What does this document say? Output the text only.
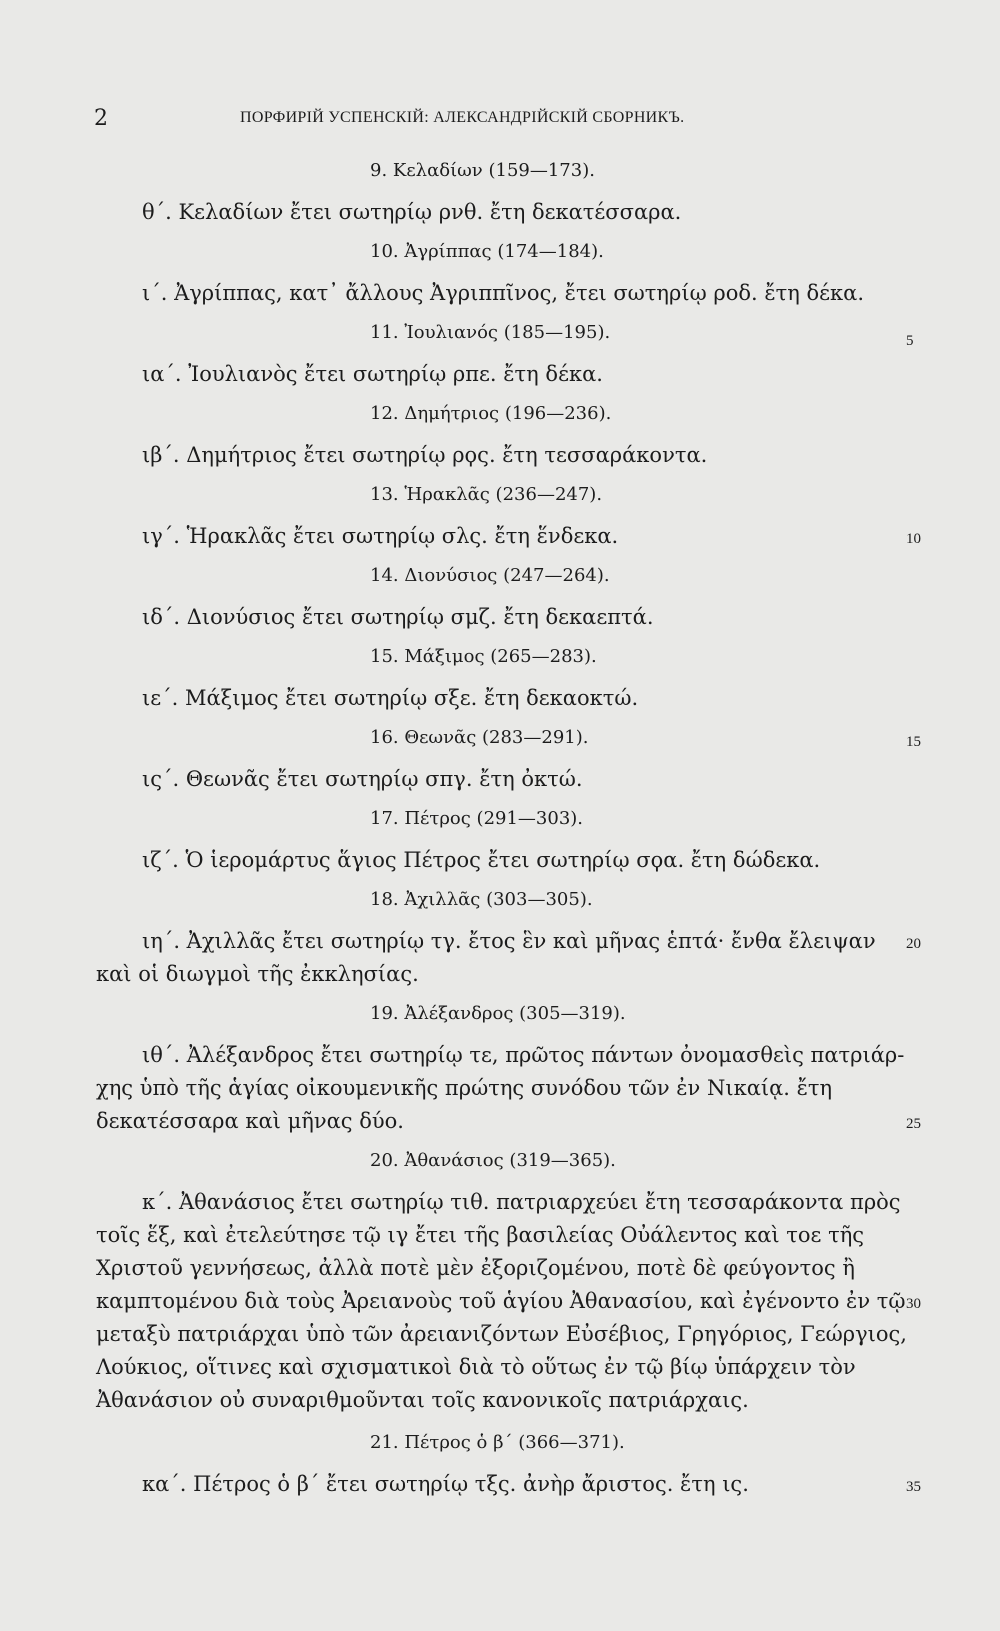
2	ПОРФИРІЙ УСПЕНСКІЙ: АЛЕКСАНДРІЙСКІЙ СБОРНИКЪ.
9. Κελαδίων (159—173).
θ΄. Κελαδίων ἔτει σωτηρίῳ ρνθ. ἔτη δεκατέσσαρα.
10. Ἀγρίππας (174—184).
ι΄. Ἀγρίππας, κατ᾿ ἄλλους Ἀγριππῖνος, ἔτει σωτηρίῳ ροδ. ἔτη δέκα.
11. Ἰουλιανός (185—195).
ια΄. Ἰουλιανὸς ἔτει σωτηρίῳ ρπε. ἔτη δέκα.
12. Δημήτριος (196—236).
ιβ΄. Δημήτριος ἔτει σωτηρίῳ ρϙς. ἔτη τεσσαράκοντα.
13. Ἡρακλᾶς (236—247).
ιγ΄. Ἡρακλᾶς ἔτει σωτηρίῳ σλς. ἔτη ἕνδεκα.
14. Διονύσιος (247—264).
ιδ΄. Διονύσιος ἔτει σωτηρίῳ σμζ. ἔτη δεκαεπτά.
15. Μάξιμος (265—283).
ιε΄. Μάξιμος ἔτει σωτηρίῳ σξε. ἔτη δεκαοκτώ.
16. Θεωνᾶς (283—291).
ις΄. Θεωνᾶς ἔτει σωτηρίῳ σπγ. ἔτη ὀκτώ.
17. Πέτρος (291—303).
ιζ΄. Ὁ ἱερομάρτυς ἅγιος Πέτρος ἔτει σωτηρίῳ σϙα. ἔτη δώδεκα.
18. Ἀχιλλᾶς (303—305).
ιη΄. Ἀχιλλᾶς ἔτει σωτηρίῳ τγ. ἔτος ἓν καὶ μῆνας ἑπτά· ἔνθα ἔλειψαν
καὶ οἱ διωγμοὶ τῆς ἐκκλησίας.
19. Ἀλέξανδρος (305—319).
ιθ΄. Ἀλέξανδρος ἔτει σωτηρίῳ τε, πρῶτος πάντων ὀνομασθεὶς πατριάρ-
χης ὑπὸ τῆς ἁγίας οἰκουμενικῆς πρώτης συνόδου τῶν ἐν Νικαίᾳ. ἔτη
δεκατέσσαρα καὶ μῆνας δύο.
20. Ἀθανάσιος (319—365).
κ΄. Ἀθανάσιος ἔτει σωτηρίῳ τιθ. πατριαρχεύει ἔτη τεσσαράκοντα πρὸς
τοῖς ἕξ, καὶ ἐτελεύτησε τῷ ιγ ἔτει τῆς βασιλείας Οὐάλεντος καὶ τοε τῆς
Χριστοῦ γεννήσεως, ἀλλὰ ποτὲ μὲν ἐξοριζομένου, ποτὲ δὲ φεύγοντος ἢ
καμπτομένου διὰ τοὺς Ἀρειανοὺς τοῦ ἁγίου Ἀθανασίου, καὶ ἐγένοντο ἐν τῷ
μεταξὺ πατριάρχαι ὑπὸ τῶν ἀρειανιζόντων Εὐσέβιος, Γρηγόριος, Γεώργιος,
Λούκιος, οἵτινες καὶ σχισματικοὶ διὰ τὸ οὕτως ἐν τῷ βίῳ ὑπάρχειν τὸν
Ἀθανάσιον οὐ συναριθμοῦνται τοῖς κανονικοῖς πατριάρχαις.
21. Πέτρος ὁ β΄ (366—371).
κα΄. Πέτρος ὁ β΄ ἔτει σωτηρίῳ τξς. ἀνὴρ ἄριστος. ἔτη ις.
5
10
15
20
25
30
35
